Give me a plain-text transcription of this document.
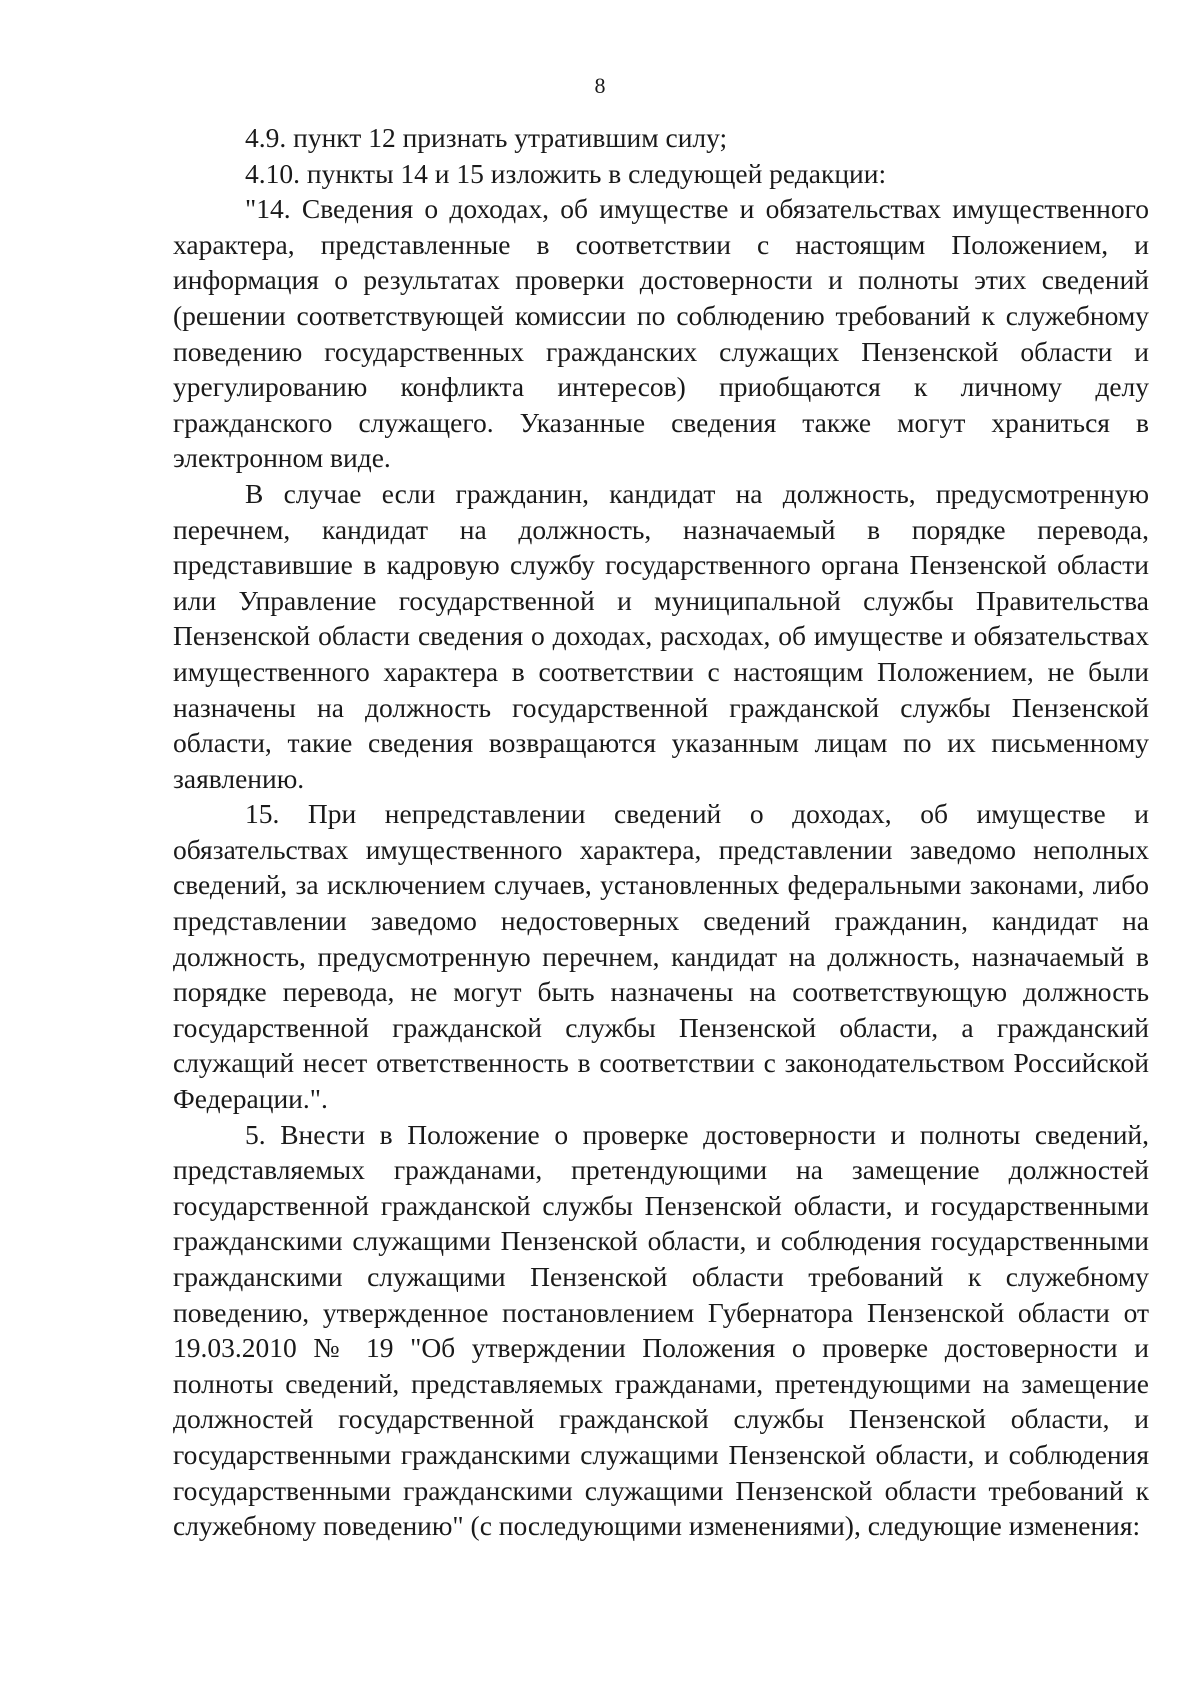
8

4.9. пункт 12 признать утратившим силу;

4.10. пункты 14 и 15 изложить в следующей редакции:

"14. Сведения о доходах, об имуществе и обязательствах имущественного характера, представленные в соответствии с настоящим Положением, и информация о результатах проверки достоверности и полноты этих сведений (решении соответствующей комиссии по соблюдению требований к служебному поведению государственных гражданских служащих Пензенской области и урегулированию конфликта интересов) приобщаются к личному делу гражданского служащего. Указанные сведения также могут храниться в электронном виде.

В случае если гражданин, кандидат на должность, предусмотренную перечнем, кандидат на должность, назначаемый в порядке перевода, представившие в кадровую службу государственного органа Пензенской области или Управление государственной и муниципальной службы Правительства Пензенской области сведения о доходах, расходах, об имуществе и обязательствах имущественного характера в соответствии с настоящим Положением, не были назначены на должность государственной гражданской службы Пензенской области, такие сведения возвращаются указанным лицам по их письменному заявлению.

15. При непредставлении сведений о доходах, об имуществе и обязательствах имущественного характера, представлении заведомо неполных сведений, за исключением случаев, установленных федеральными законами, либо представлении заведомо недостоверных сведений гражданин, кандидат на должность, предусмотренную перечнем, кандидат на должность, назначаемый в порядке перевода, не могут быть назначены на соответствующую должность государственной гражданской службы Пензенской области, а гражданский служащий несет ответственность в соответствии с законодательством Российской Федерации.".

5. Внести в Положение о проверке достоверности и полноты сведений, представляемых гражданами, претендующими на замещение должностей государственной гражданской службы Пензенской области, и государственными гражданскими служащими Пензенской области, и соблюдения государственными гражданскими служащими Пензенской области требований к служебному поведению, утвержденное постановлением Губернатора Пензенской области от 19.03.2010 № 19 "Об утверждении Положения о проверке достоверности и полноты сведений, представляемых гражданами, претендующими на замещение должностей государственной гражданской службы Пензенской области, и государственными гражданскими служащими Пензенской области, и соблюдения государственными гражданскими служащими Пензенской области требований к служебному поведению" (с последующими изменениями), следующие изменения:
